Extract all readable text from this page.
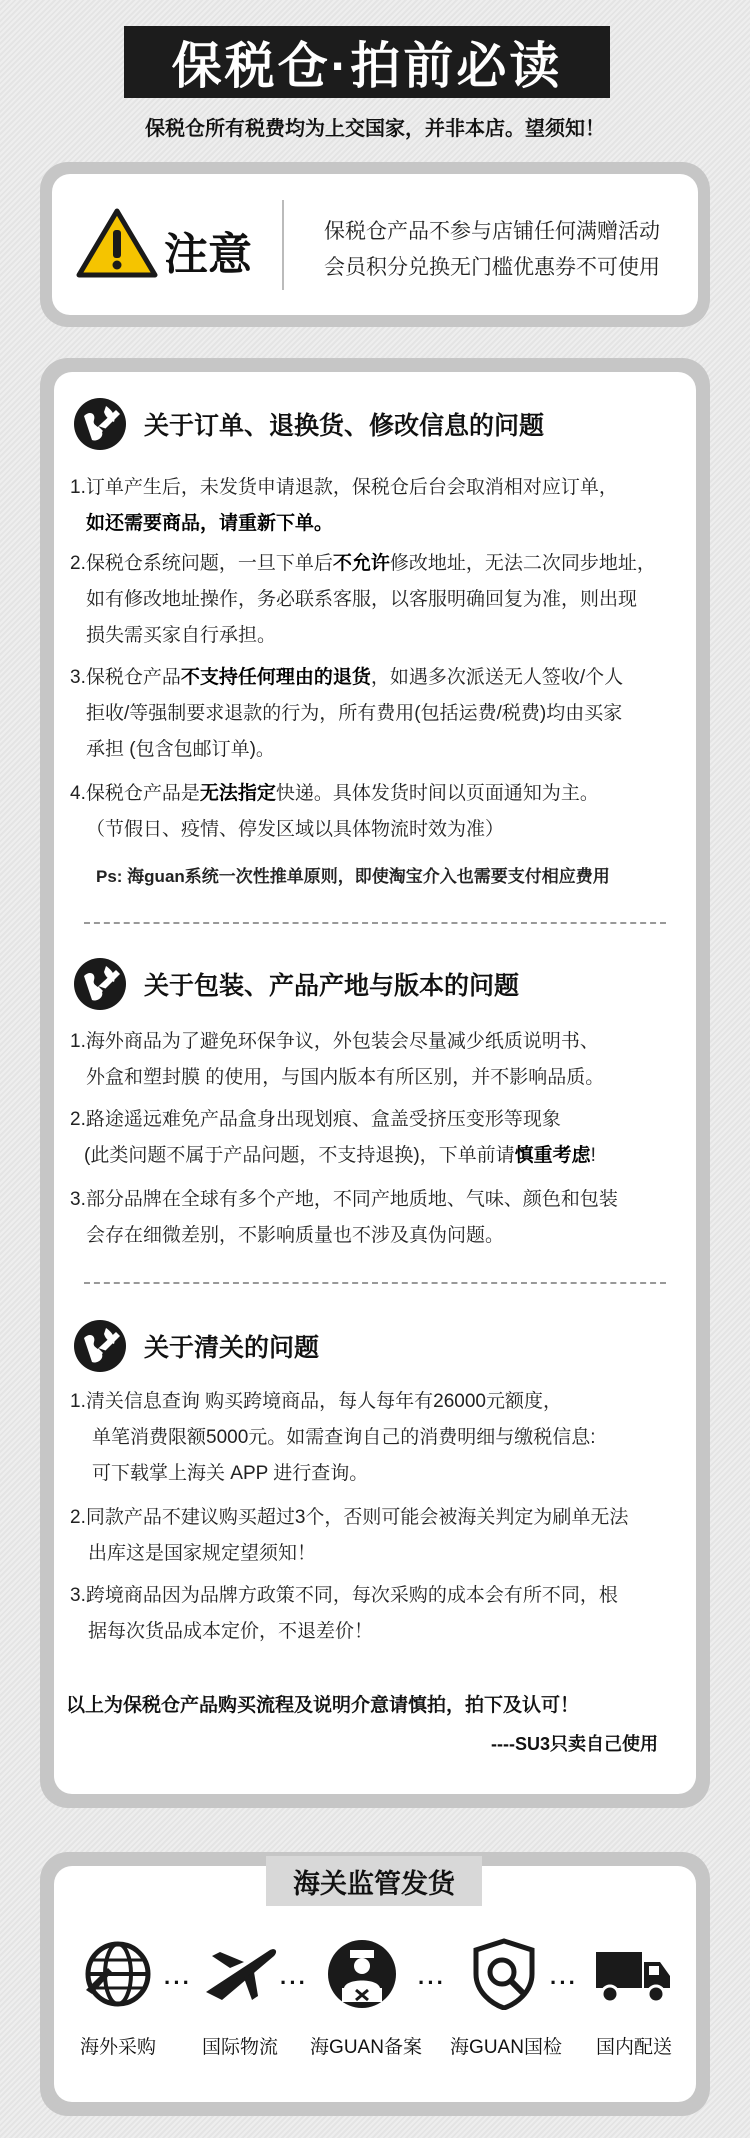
保税仓·拍前必读
保税仓所有税费均为上交国家，并非本店。望须知！
注意	保税仓产品不参与店铺任何满赠活动
会员积分兑换无门槛优惠券不可使用
关于订单、退换货、修改信息的问题
1.订单产生后，未发货申请退款，保税仓后台会取消相对应订单，
如还需要商品，请重新下单。
2.保税仓系统问题，一旦下单后不允许修改地址，无法二次同步地址，
如有修改地址操作，务必联系客服，以客服明确回复为准，则出现
损失需买家自行承担。
3.保税仓产品不支持任何理由的退货，如遇多次派送无人签收/个人
拒收/等强制要求退款的行为，所有费用(包括运费/税费)均由买家
承担 (包含包邮订单)。
4.保税仓产品是无法指定快递。具体发货时间以页面通知为主。
（节假日、疫情、停发区域以具体物流时效为准）
Ps: 海guan系统一次性推单原则，即使淘宝介入也需要支付相应费用
关于包装、产品产地与版本的问题
1.海外商品为了避免环保争议，外包装会尽量减少纸质说明书、
外盒和塑封膜 的使用，与国内版本有所区别，并不影响品质。
2.路途遥远难免产品盒身出现划痕、盒盖受挤压变形等现象
(此类问题不属于产品问题，不支持退换)，下单前请慎重考虑!
3.部分品牌在全球有多个产地，不同产地质地、气味、颜色和包装
会存在细微差别，不影响质量也不涉及真伪问题。
关于清关的问题
1.清关信息查询 购买跨境商品，每人每年有26000元额度，
单笔消费限额5000元。如需查询自己的消费明细与缴税信息:
可下载掌上海关 APP 进行查询。
2.同款产品不建议购买超过3个，否则可能会被海关判定为刷单无法
出库这是国家规定望须知！
3.跨境商品因为品牌方政策不同，每次采购的成本会有所不同，根
据每次货品成本定价，不退差价！
以上为保税仓产品购买流程及说明介意请慎拍，拍下及认可！
----SU3只卖自己使用
海关监管发货
···	···	···	···
海外采购	国际物流	海GUAN备案	海GUAN国检	国内配送
